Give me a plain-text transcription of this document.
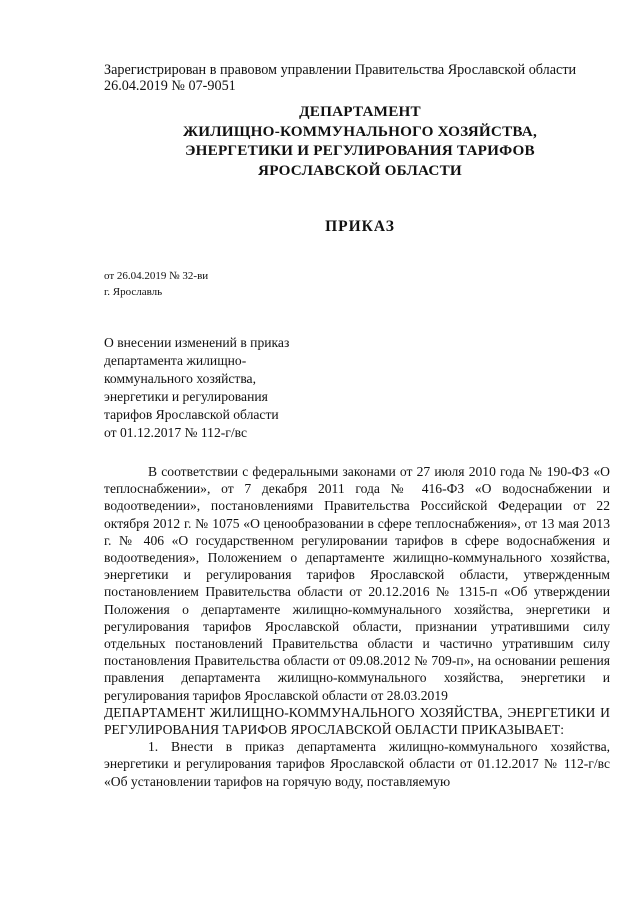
Зарегистрирован в правовом управлении Правительства Ярославской области
26.04.2019 № 07-9051
ДЕПАРТАМЕНТ
ЖИЛИЩНО-КОММУНАЛЬНОГО ХОЗЯЙСТВА,
ЭНЕРГЕТИКИ И РЕГУЛИРОВАНИЯ ТАРИФОВ
ЯРОСЛАВСКОЙ ОБЛАСТИ
ПРИКАЗ
от 26.04.2019 № 32-ви
г. Ярославль
О внесении изменений в приказ
департамента жилищно-
коммунального хозяйства,
энергетики и регулирования
тарифов Ярославской области
от 01.12.2017 № 112-г/вс

В соответствии с федеральными законами от 27 июля 2010 года № 190-ФЗ «О теплоснабжении», от 7 декабря 2011 года № 416-ФЗ «О водоснабжении и водоотведении», постановлениями Правительства Российской Федерации от 22 октября 2012 г. № 1075 «О ценообразовании в сфере теплоснабжения», от 13 мая 2013 г. № 406 «О государственном регулировании тарифов в сфере водоснабжения и водоотведения», Положением о департаменте жилищно-коммунального хозяйства, энергетики и регулирования тарифов Ярославской области, утвержденным постановлением Правительства области от 20.12.2016 № 1315-п «Об утверждении Положения о департаменте жилищно-коммунального хозяйства, энергетики и регулирования тарифов Ярославской области, признании утратившими силу отдельных постановлений Правительства области и частично утратившим силу постановления Правительства области от 09.08.2012 № 709-п», на основании решения правления департамента жилищно-коммунального хозяйства, энергетики и регулирования тарифов Ярославской области от 28.03.2019

ДЕПАРТАМЕНТ ЖИЛИЩНО-КОММУНАЛЬНОГО ХОЗЯЙСТВА, ЭНЕРГЕТИКИ И РЕГУЛИРОВАНИЯ ТАРИФОВ ЯРОСЛАВСКОЙ ОБЛАСТИ ПРИКАЗЫВАЕТ:

1. Внести в приказ департамента жилищно-коммунального хозяйства, энергетики и регулирования тарифов Ярославской области от 01.12.2017 № 112-г/вс «Об установлении тарифов на горячую воду, поставляемую
